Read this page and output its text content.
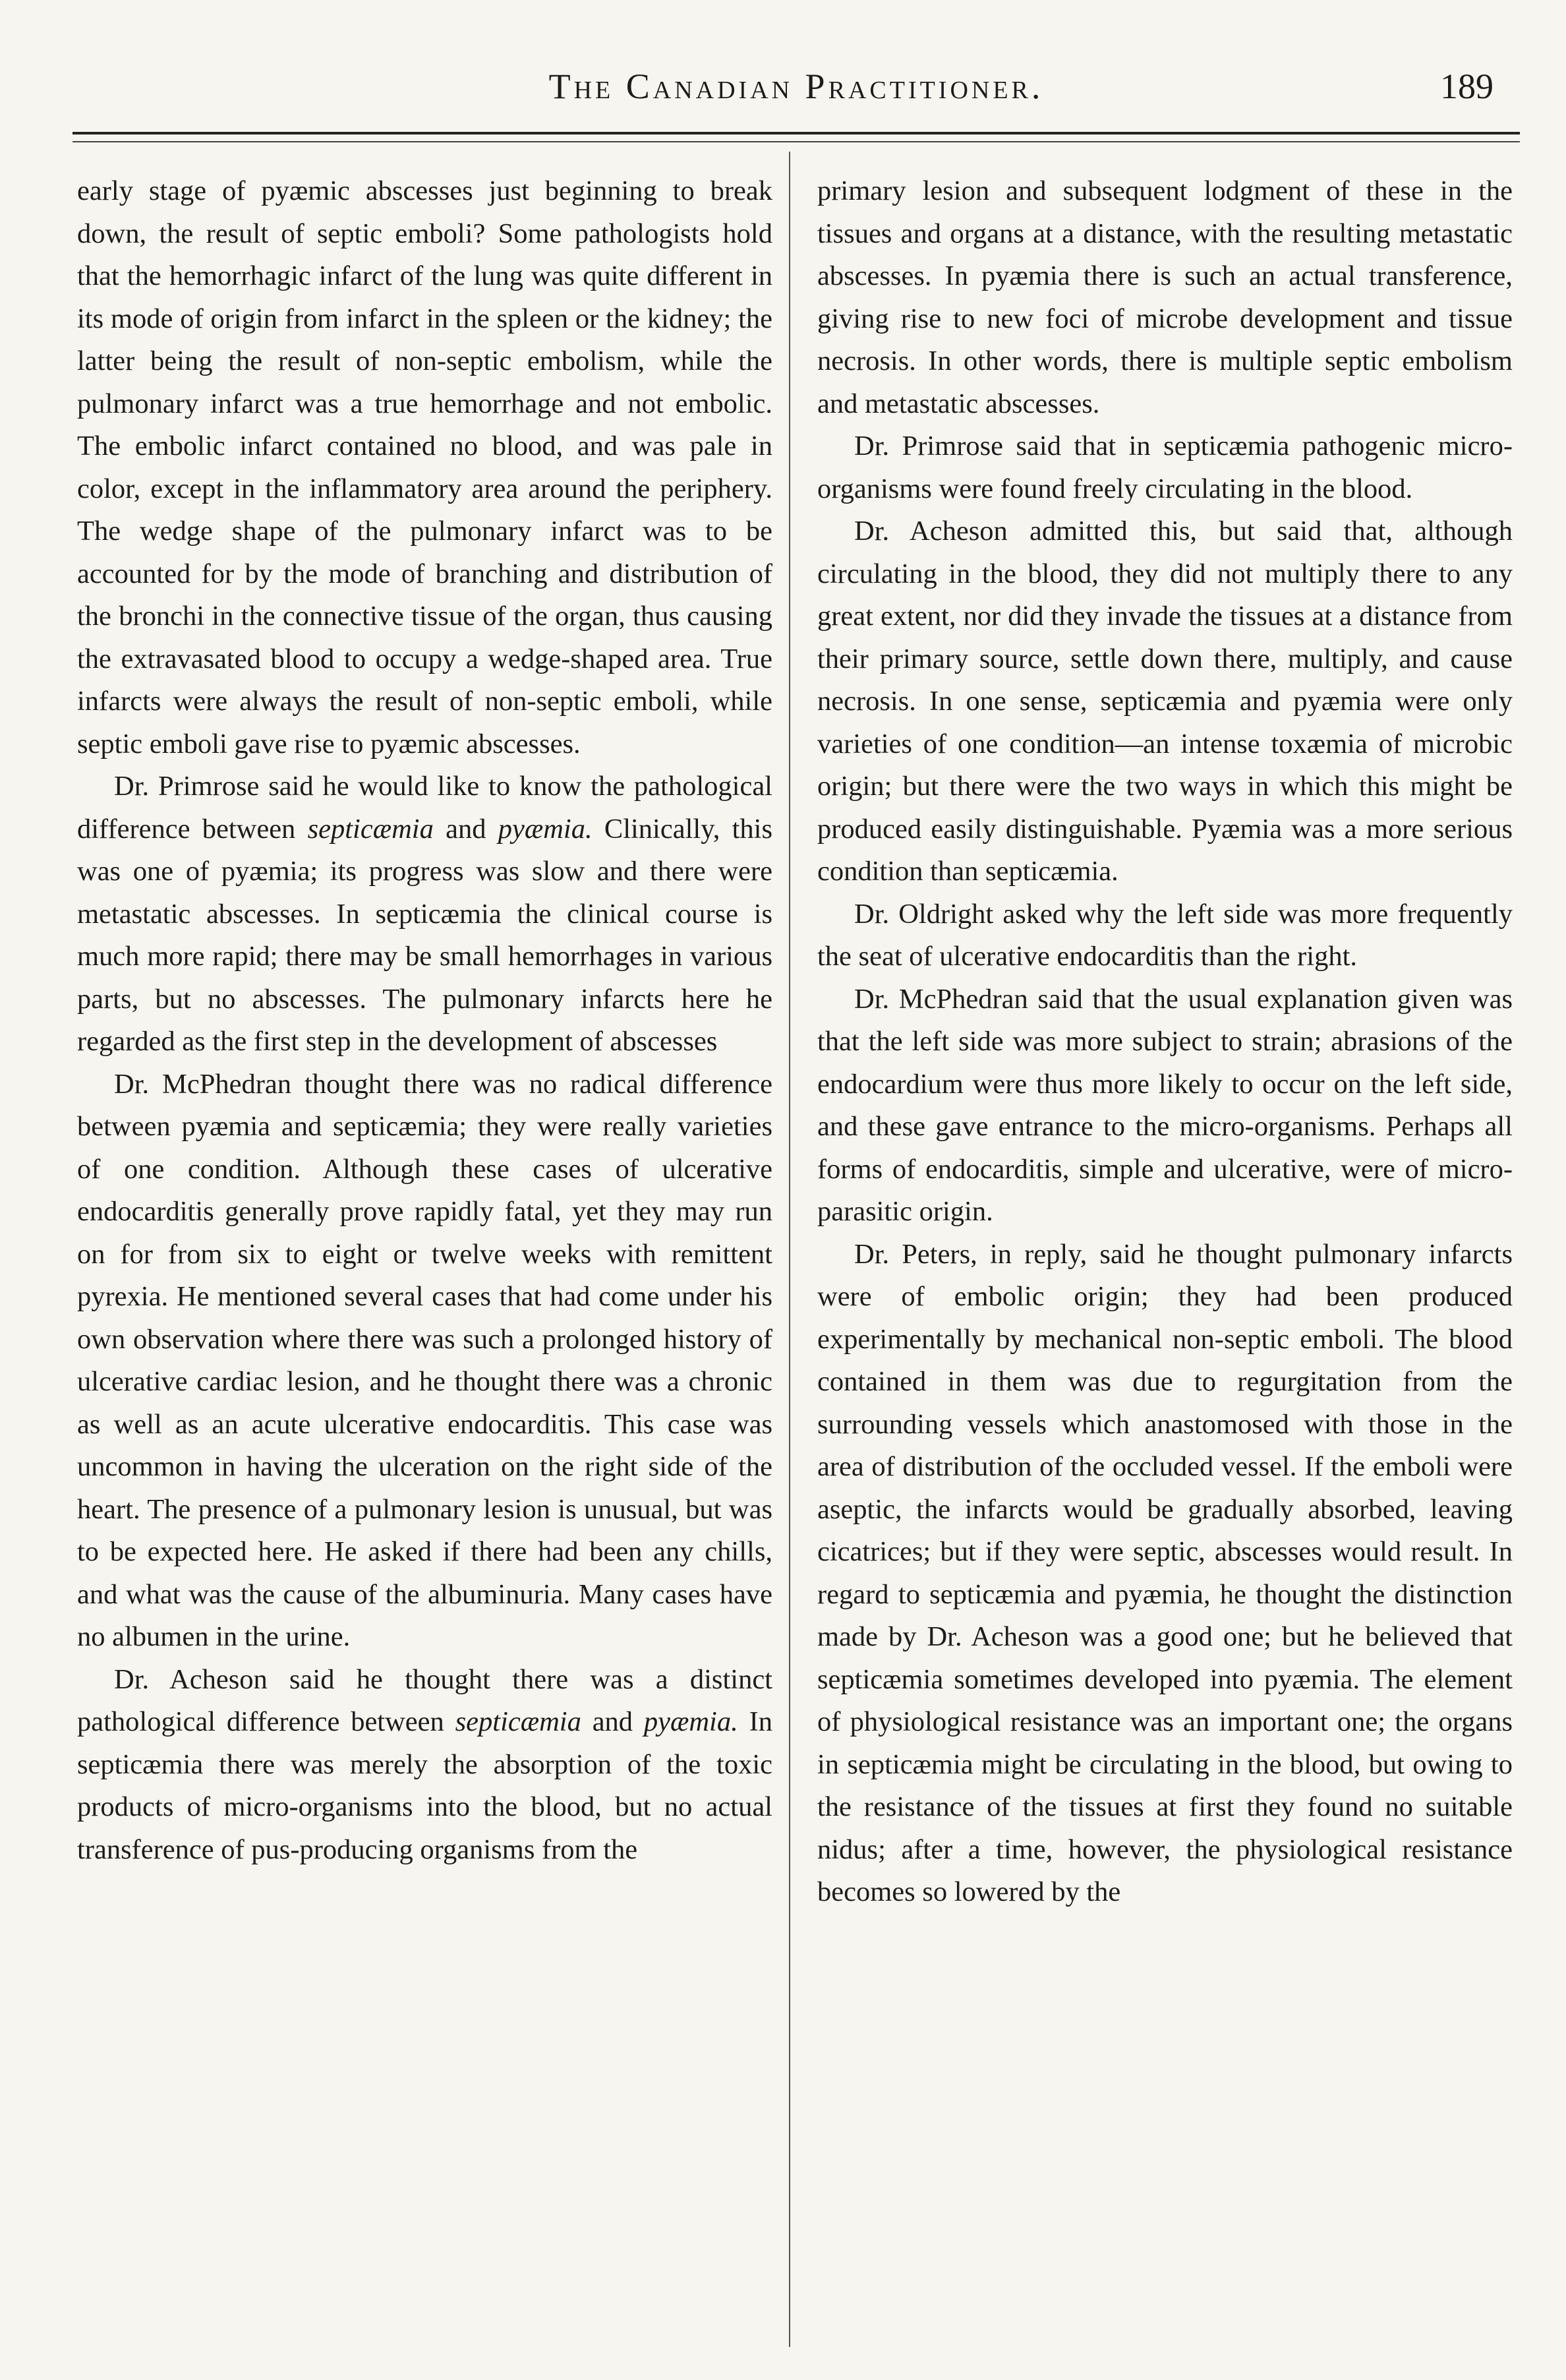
The Canadian Practitioner.	189

early stage of pyæmic abscesses just beginning to break down, the result of septic emboli? Some pathologists hold that the hemorrhagic infarct of the lung was quite different in its mode of origin from infarct in the spleen or the kidney; the latter being the result of non-septic embolism, while the pulmonary infarct was a true hemorrhage and not embolic. The embolic infarct contained no blood, and was pale in color, except in the inflammatory area around the periphery. The wedge shape of the pulmonary infarct was to be accounted for by the mode of branching and distribution of the bronchi in the connective tissue of the organ, thus causing the extravasated blood to occupy a wedge-shaped area. True infarcts were always the result of non-septic emboli, while septic emboli gave rise to pyæmic abscesses.

Dr. Primrose said he would like to know the pathological difference between septicæmia and pyæmia. Clinically, this was one of pyæmia; its progress was slow and there were metastatic abscesses. In septicæmia the clinical course is much more rapid; there may be small hemorrhages in various parts, but no abscesses. The pulmonary infarcts here he regarded as the first step in the development of abscesses

Dr. McPhedran thought there was no radical difference between pyæmia and septicæmia; they were really varieties of one condition. Although these cases of ulcerative endocarditis generally prove rapidly fatal, yet they may run on for from six to eight or twelve weeks with remittent pyrexia. He mentioned several cases that had come under his own observation where there was such a prolonged history of ulcerative cardiac lesion, and he thought there was a chronic as well as an acute ulcerative endocarditis. This case was uncommon in having the ulceration on the right side of the heart. The presence of a pulmonary lesion is unusual, but was to be expected here. He asked if there had been any chills, and what was the cause of the albuminuria. Many cases have no albumen in the urine.

Dr. Acheson said he thought there was a distinct pathological difference between septicæmia and pyæmia. In septicæmia there was merely the absorption of the toxic products of micro-organisms into the blood, but no actual transference of pus-producing organisms from the

primary lesion and subsequent lodgment of these in the tissues and organs at a distance, with the resulting metastatic abscesses. In pyæmia there is such an actual transference, giving rise to new foci of microbe development and tissue necrosis. In other words, there is multiple septic embolism and metastatic abscesses.

Dr. Primrose said that in septicæmia pathogenic micro-organisms were found freely circulating in the blood.

Dr. Acheson admitted this, but said that, although circulating in the blood, they did not multiply there to any great extent, nor did they invade the tissues at a distance from their primary source, settle down there, multiply, and cause necrosis. In one sense, septicæmia and pyæmia were only varieties of one condition—an intense toxæmia of microbic origin; but there were the two ways in which this might be produced easily distinguishable. Pyæmia was a more serious condition than septicæmia.

Dr. Oldright asked why the left side was more frequently the seat of ulcerative endocarditis than the right.

Dr. McPhedran said that the usual explanation given was that the left side was more subject to strain; abrasions of the endocardium were thus more likely to occur on the left side, and these gave entrance to the micro-organisms. Perhaps all forms of endocarditis, simple and ulcerative, were of micro-parasitic origin.

Dr. Peters, in reply, said he thought pulmonary infarcts were of embolic origin; they had been produced experimentally by mechanical non-septic emboli. The blood contained in them was due to regurgitation from the surrounding vessels which anastomosed with those in the area of distribution of the occluded vessel. If the emboli were aseptic, the infarcts would be gradually absorbed, leaving cicatrices; but if they were septic, abscesses would result. In regard to septicæmia and pyæmia, he thought the distinction made by Dr. Acheson was a good one; but he believed that septicæmia sometimes developed into pyæmia. The element of physiological resistance was an important one; the organs in septicæmia might be circulating in the blood, but owing to the resistance of the tissues at first they found no suitable nidus; after a time, however, the physiological resistance becomes so lowered by the
